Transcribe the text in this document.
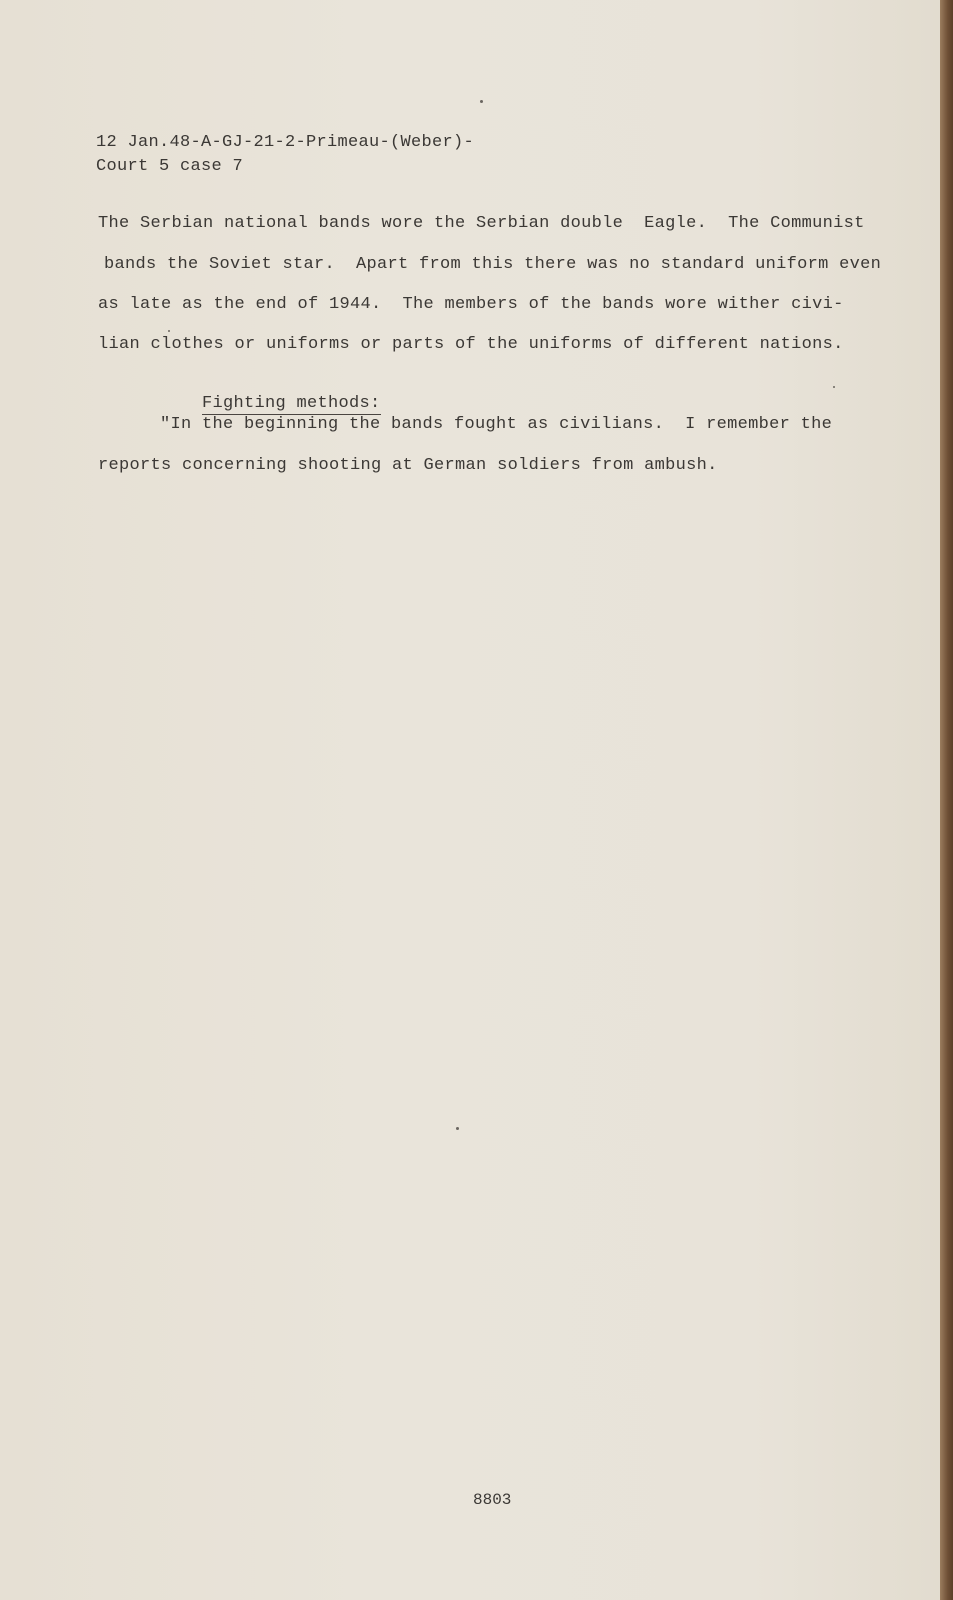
12 Jan.48-A-GJ-21-2-Primeau-(Weber)-
Court 5 case 7
The Serbian national bands wore the Serbian double  Eagle.  The Communist
bands the Soviet star.  Apart from this there was no standard uniform even
as late as the end of 1944.  The members of the bands wore wither civi-
lian clothes or uniforms or parts of the uniforms of different nations.

Fighting methods:

"In the beginning the bands fought as civilians.  I remember the
reports concerning shooting at German soldiers from ambush.
8803
